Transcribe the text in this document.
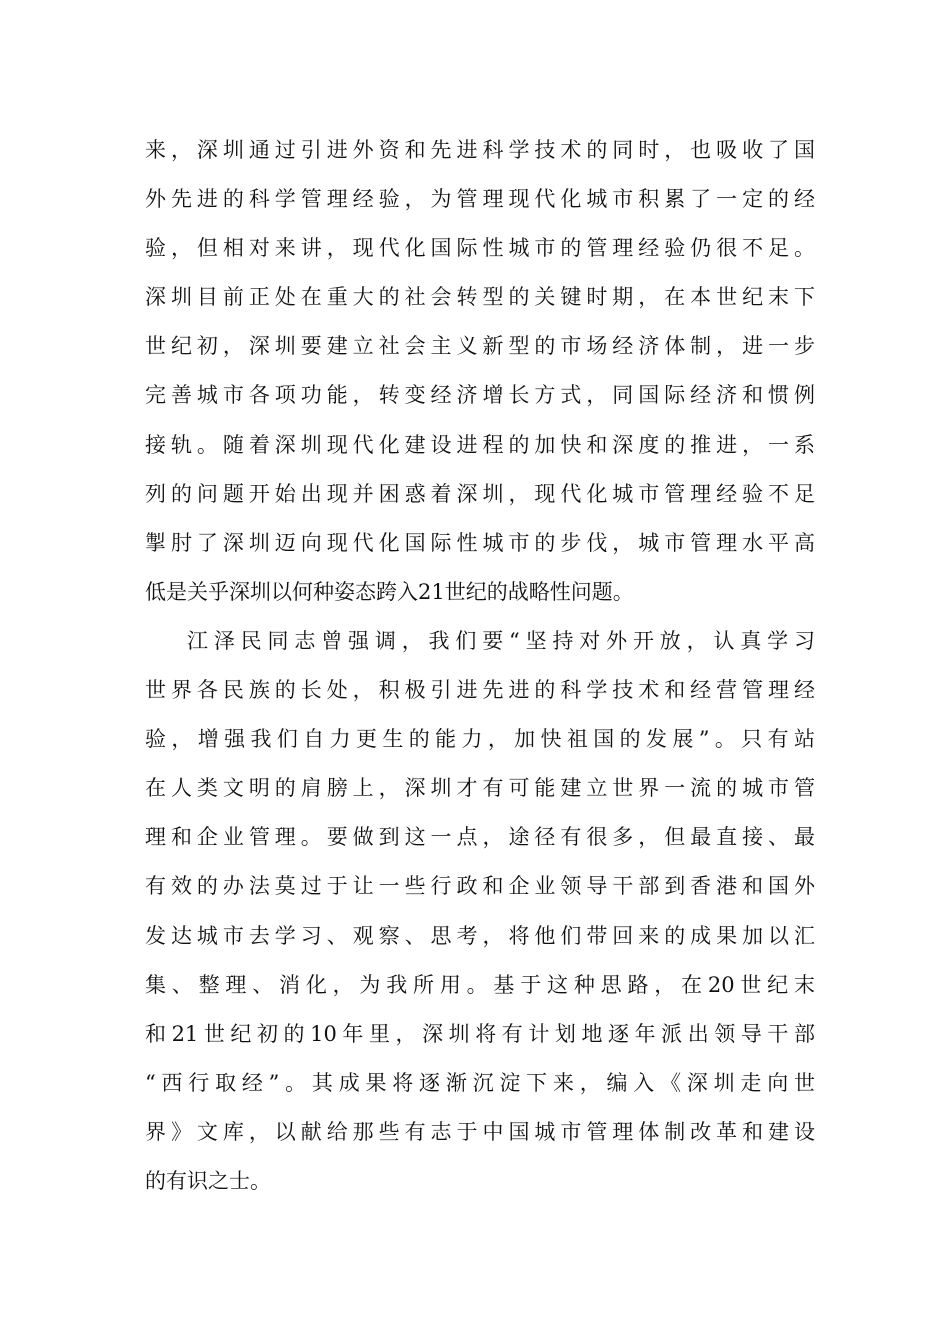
来，深圳通过引进外资和先进科学技术的同时，也吸收了国
外先进的科学管理经验，为管理现代化城市积累了一定的经
验，但相对来讲，现代化国际性城市的管理经验仍很不足。
深圳目前正处在重大的社会转型的关键时期，在本世纪末下
世纪初，深圳要建立社会主义新型的市场经济体制，进一步
完善城市各项功能，转变经济增长方式，同国际经济和惯例
接轨。随着深圳现代化建设进程的加快和深度的推进，一系
列的问题开始出现并困惑着深圳，现代化城市管理经验不足
掣肘了深圳迈向现代化国际性城市的步伐，城市管理水平高
低是关乎深圳以何种姿态跨入21世纪的战略性问题。
江泽民同志曾强调，我们要“坚持对外开放，认真学习
世界各民族的长处，积极引进先进的科学技术和经营管理经
验，增强我们自力更生的能力，加快祖国的发展”。只有站
在人类文明的肩膀上，深圳才有可能建立世界一流的城市管
理和企业管理。要做到这一点，途径有很多，但最直接、最
有效的办法莫过于让一些行政和企业领导干部到香港和国外
发达城市去学习、观察、思考，将他们带回来的成果加以汇
集、整理、消化，为我所用。基于这种思路，在20世纪末
和21世纪初的10年里，深圳将有计划地逐年派出领导干部
“西行取经”。其成果将逐渐沉淀下来，编入《深圳走向世
界》文库，以献给那些有志于中国城市管理体制改革和建设
的有识之士。
